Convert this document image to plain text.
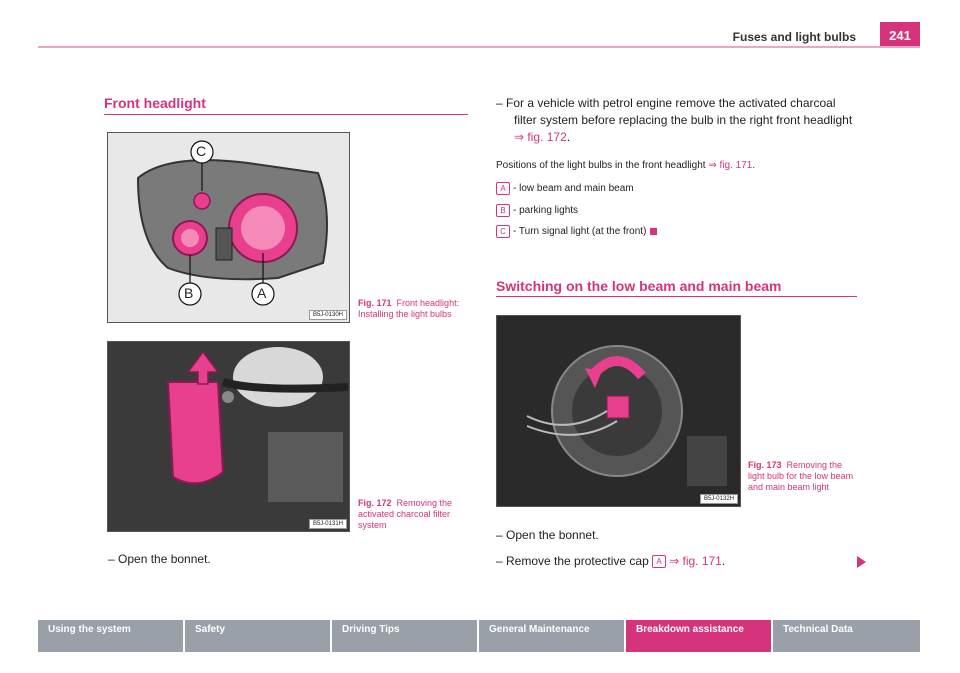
Fuses and light bulbs	241
Front headlight
C
B	A
B5J-0130H
Fig. 171 Front headlight: Installing the light bulbs
B5J-0131H
Fig. 172 Removing the activated charcoal filter system
– Open the bonnet.
– For a vehicle with petrol engine remove the activated charcoal
filter system before replacing the bulb in the right front headlight
⇒ fig. 172.
Positions of the light bulbs in the front headlight ⇒ fig. 171.
A - low beam and main beam
B - parking lights
C - Turn signal light (at the front)
Switching on the low beam and main beam
B5J-0132H
Fig. 173 Removing the light bulb for the low beam and main beam light
– Open the bonnet.
– Remove the protective cap A ⇒ fig. 171.
Using the system	Safety	Driving Tips	General Maintenance	Breakdown assistance	Technical Data
